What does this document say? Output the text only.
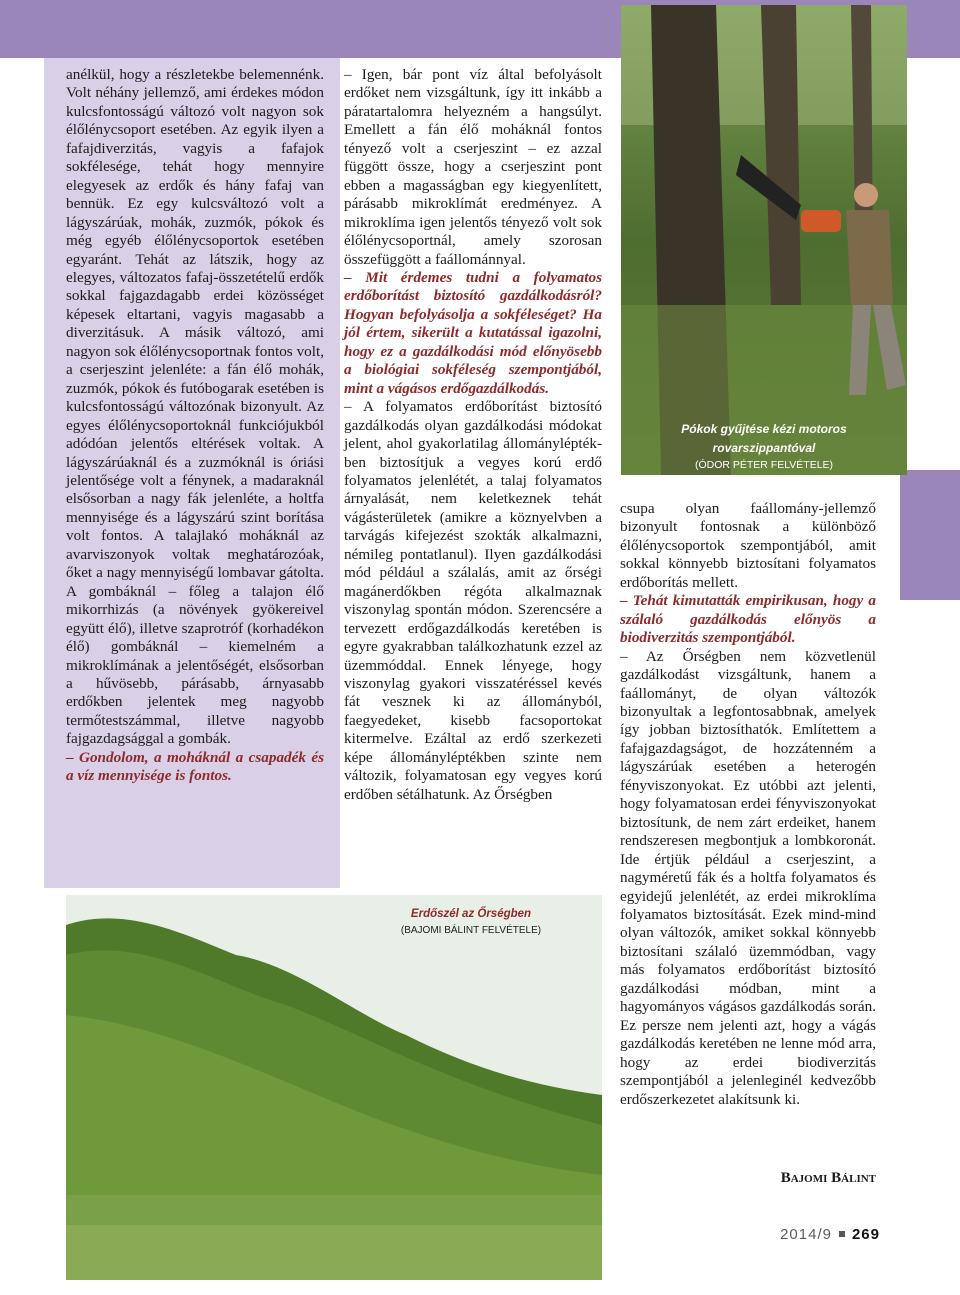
Pókok gyűjtése kézi motoros
rovarszippantóval
(ÓDOR PÉTER FELVÉTELE)
Erdőszél az Őrségben
(BAJOMI BÁLINT FELVÉTELE)

anélkül, hogy a részletekbe belemennénk. Volt néhány jellemző, ami érdekes módon kulcsfontosságú változó volt nagyon sok élőlénycsoport esetében. Az egyik ilyen a fafajdiverzitás, vagyis a fafajok sokfélesége, tehát hogy mennyire elegyesek az erdők és hány fafaj van bennük. Ez egy kulcsváltozó volt a lágyszárúak, mohák, zuzmók, pókok és még egyéb élőlénycsoportok esetében egyaránt. Tehát az látszik, hogy az elegyes, változatos fafaj-összetételű erdők sokkal fajgazdagabb erdei közösséget képesek eltartani, vagyis magasabb a diverzitásuk. A másik változó, ami nagyon sok élőlénycsoportnak fontos volt, a cserjeszint jelenléte: a fán élő mohák, zuzmók, pókok és futóbogarak esetében is kulcsfontosságú változónak bizonyult. Az egyes élőlénycsoportoknál funkciójukból adódóan jelentős eltérések voltak. A lágyszárúaknál és a zuzmóknál is óriási jelentősége volt a fénynek, a madaraknál elsősorban a nagy fák jelenléte, a holtfa mennyisége és a lágyszárú szint borítása volt fontos. A talajlakó moháknál az avarviszonyok voltak meghatározóak, őket a nagy mennyiségű lombavar gátolta. A gombáknál – főleg a talajon élő mikorrhizás (a növények gyökereivel együtt élő), illetve szaprotróf (korhadékon élő) gombáknál – kiemelném a mikroklímának a jelentőségét, elsősorban a hűvösebb, párásabb, árnyasabb erdőkben jelentek meg nagyobb termőtestszámmal, illetve nagyobb fajgazdagsággal a gombák.

– Gondolom, a moháknál a csapadék és a víz mennyisége is fontos.

– Igen, bár pont víz által befolyásolt erdőket nem vizsgáltunk, így itt inkább a páratartalomra helyezném a hangsúlyt. Emellett a fán élő moháknál fontos tényező volt a cserjeszint – ez azzal függött össze, hogy a cserjeszint pont ebben a magasságban egy kiegyenlített, párásabb mikroklímát eredményez. A mikroklíma igen jelentős tényező volt sok élőlénycsoportnál, amely szorosan összefüggött a faállománnyal.

– Mit érdemes tudni a folyamatos erdőborítást biztosító gazdálkodásról? Hogyan befolyásolja a sokféleséget? Ha jól értem, sikerült a kutatással igazolni, hogy ez a gazdálkodási mód előnyösebb a biológiai sokféleség szempontjából, mint a vágásos erdőgazdálkodás.

– A folyamatos erdőborítást biztosító gazdálkodás olyan gazdálkodási módokat jelent, ahol gyakorlatilag állományléptékben biztosítjuk a vegyes korú erdő folyamatos jelenlétét, a talaj folyamatos árnyalását, nem keletkeznek tehát vágásterületek (amikre a köznyelvben a tarvágás kifejezést szokták alkalmazni, némileg pontatlanul). Ilyen gazdálkodási mód például a szálalás, amit az őrségi magánerdőkben régóta alkalmaznak viszonylag spontán módon. Szerencsére a tervezett erdőgazdálkodás keretében is egyre gyakrabban találkozhatunk ezzel az üzemmóddal. Ennek lényege, hogy viszonylag gyakori visszatéréssel kevés fát vesznek ki az állományból, faegyedeket, kisebb facsoportokat kitermelve. Ezáltal az erdő szerkezeti képe állományléptékben szinte nem változik, folyamatosan egy vegyes korú erdőben sétálhatunk. Az Őrségben

csupa olyan faállomány-jellemző bizonyult fontosnak a különböző élőlénycsoportok szempontjából, amit sokkal könnyebb biztosítani folyamatos erdőborítás mellett.

– Tehát kimutatták empirikusan, hogy a szálaló gazdálkodás előnyös a biodiverzitás szempontjából.

– Az Őrségben nem közvetlenül gazdálkodást vizsgáltunk, hanem a faállományt, de olyan változók bizonyultak a legfontosabbnak, amelyek így jobban biztosíthatók. Említettem a fafajgazdagságot, de hozzátenném a lágyszárúak esetében a heterogén fényviszonyokat. Ez utóbbi azt jelenti, hogy folyamatosan erdei fényviszonyokat biztosítunk, de nem zárt erdeiket, hanem rendszeresen megbontjuk a lombkoronát. Ide értjük például a cserjeszint, a nagyméretű fák és a holtfa folyamatos és egyidejű jelenlétét, az erdei mikroklíma folyamatos biztosítását. Ezek mind-mind olyan változók, amiket sokkal könnyebb biztosítani szálaló üzemmódban, vagy más folyamatos erdőborítást biztosító gazdálkodási módban, mint a hagyományos vágásos gazdálkodás során. Ez persze nem jelenti azt, hogy a vágás gazdálkodás keretében ne lenne mód arra, hogy az erdei biodiverzitás szempontjából a jelenleginél kedvezőbb erdőszerkezetet alakítsunk ki.

Bajomi Bálint
2014/9 269
